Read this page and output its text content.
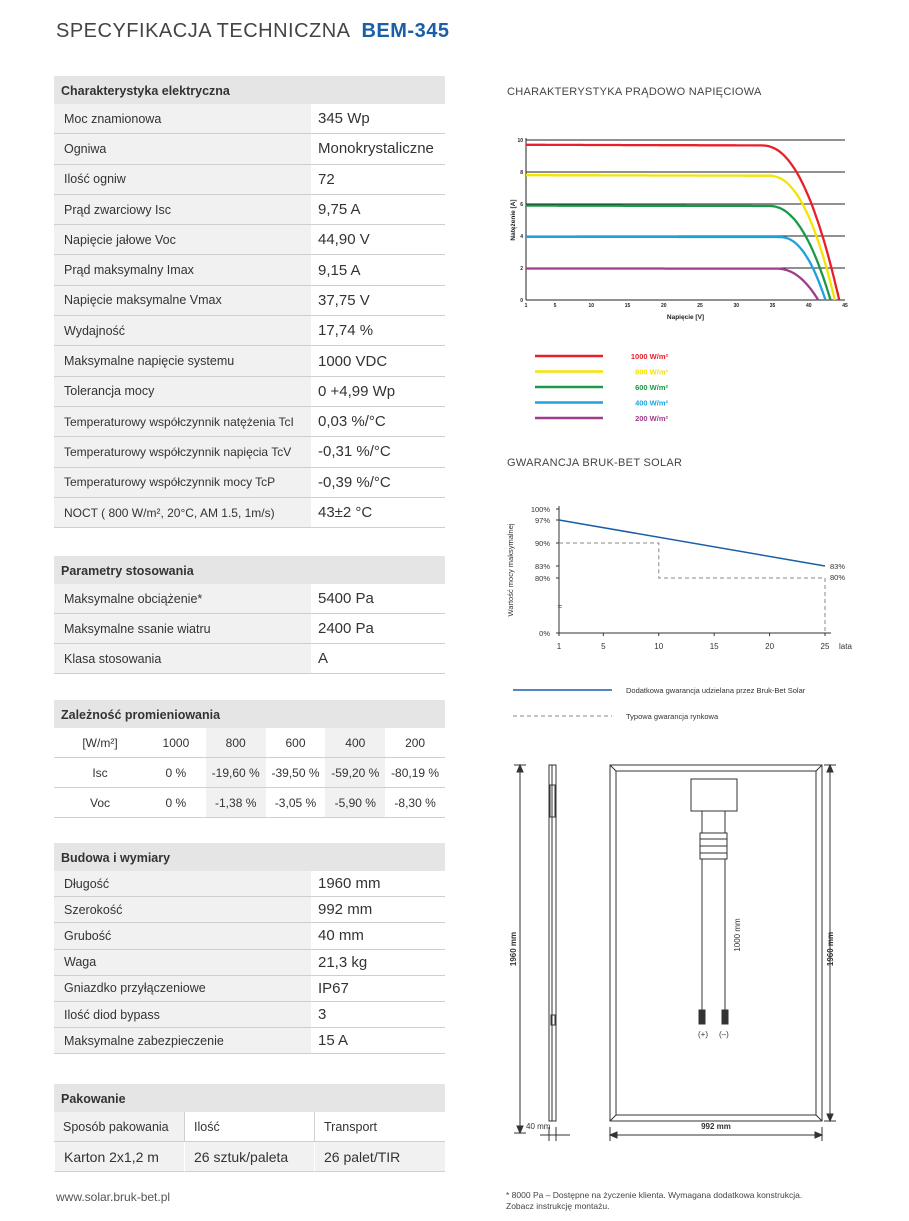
SPECYFIKACJA TECHNICZNA BEM-345
Charakterystyka elektryczna
Moc znamionowa	345 Wp
Ogniwa	Monokrystaliczne
Ilość ogniw	72
Prąd zwarciowy Isc	9,75 A
Napięcie jałowe Voc	44,90 V
Prąd maksymalny Imax	9,15 A
Napięcie maksymalne Vmax	37,75 V
Wydajność	17,74 %
Maksymalne napięcie systemu	1000 VDC
Tolerancja mocy	0 +4,99 Wp
Temperaturowy współczynnik natężenia TcI	0,03 %/°C
Temperaturowy współczynnik napięcia TcV	-0,31 %/°C
Temperaturowy współczynnik mocy TcP	-0,39 %/°C
NOCT ( 800 W/m², 20°C, AM 1.5, 1m/s)	43±2 °C
Parametry stosowania
Maksymalne obciążenie*	5400 Pa
Maksymalne ssanie wiatru	2400 Pa
Klasa stosowania	A
Zależność promieniowania
[W/m²]	1000	800	600	400	200
Isc	0 %	-19,60 % -39,50 % -59,20 % -80,19 %
Voc	0 %	-1,38 %	-3,05 %	-5,90 %	-8,30 %
Budowa i wymiary
Długość	1960 mm
Szerokość	992 mm
Grubość	40 mm
Waga	21,3 kg
Gniazdko przyłączeniowe	IP67
Ilość diod bypass	3
Maksymalne zabezpieczenie	15 A
Pakowanie
Sposób pakowania	Ilość	Transport
Karton 2x1,2 m	26 sztuk/paleta	26 palet/TIR
www.solar.bruk-bet.pl	* 8000 Pa – Dostępne na życzenie klienta. Wymagana dodatkowa konstrukcja.
Zobacz instrukcję montażu.
CHARAKTERYSTYKA PRĄDOWO NAPIĘCIOWA
0
2
4
6
8
10
1	5	10	15	20	25	30	35	40	45
Napięcie [V]
Natężenie [A]
1000 W/m²
800 W/m²
600 W/m²
400 W/m²
200 W/m²
GWARANCJA BRUK-BET SOLAR
≈
0%
80%
83%
90%
97%
100%
1	5	10	15	20	25 lata
Wartość mocy maksymalnej	83%
80%
Dodatkowa gwarancja udzielana przez Bruk-Bet Solar
Typowa gwarancja rynkowa
1960 mm	1000 mm	1960 mm
40 mm	992 mm
(+) (–)
